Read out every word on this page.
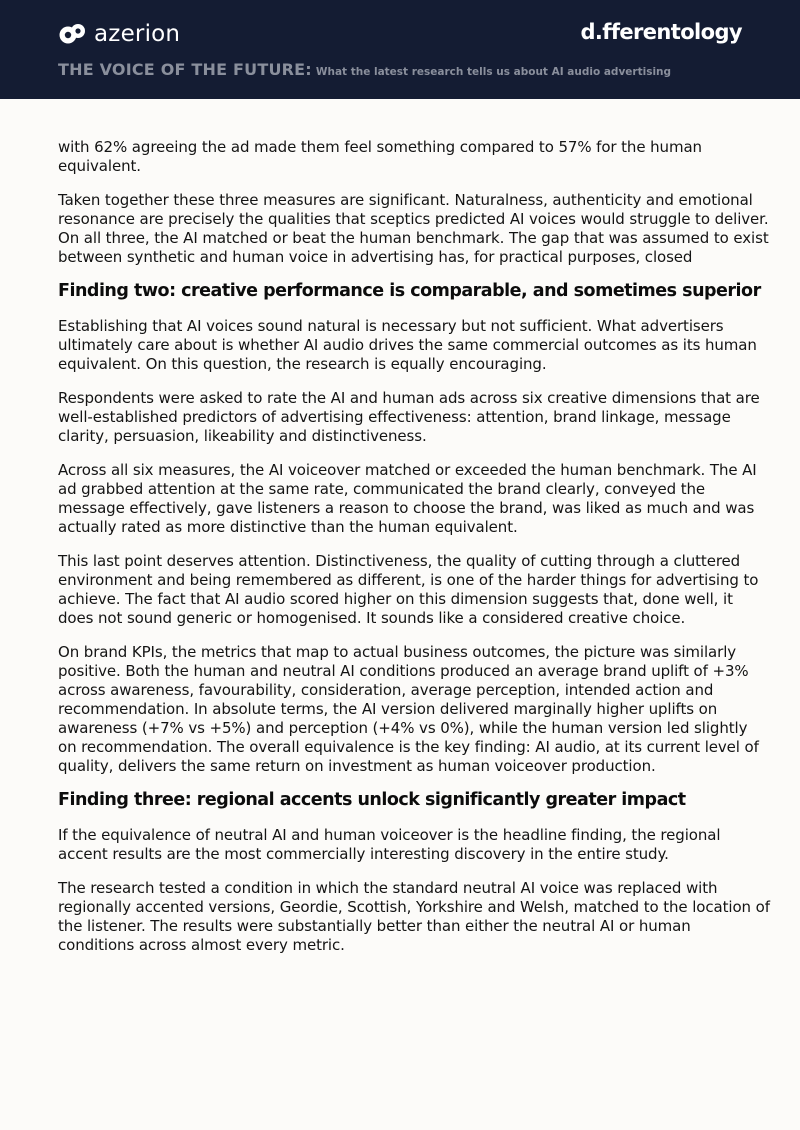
azerion	d.fferentology
THE VOICE OF THE FUTURE: What the latest research tells us about AI audio advertising

with 62% agreeing the ad made them feel something compared to 57% for the human equivalent.

Taken together these three measures are significant. Naturalness, authenticity and emotional resonance are precisely the qualities that sceptics predicted AI voices would struggle to deliver. On all three, the AI matched or beat the human benchmark. The gap that was assumed to exist between synthetic and human voice in advertising has, for practical purposes, closed

Finding two: creative performance is comparable, and sometimes superior

Establishing that AI voices sound natural is necessary but not sufficient. What advertisers ultimately care about is whether AI audio drives the same commercial outcomes as its human equivalent. On this question, the research is equally encouraging.

Respondents were asked to rate the AI and human ads across six creative dimensions that are well-established predictors of advertising effectiveness: attention, brand linkage, message clarity, persuasion, likeability and distinctiveness.

Across all six measures, the AI voiceover matched or exceeded the human benchmark. The AI ad grabbed attention at the same rate, communicated the brand clearly, conveyed the message effectively, gave listeners a reason to choose the brand, was liked as much and was actually rated as more distinctive than the human equivalent.

This last point deserves attention. Distinctiveness, the quality of cutting through a cluttered environment and being remembered as different, is one of the harder things for advertising to achieve. The fact that AI audio scored higher on this dimension suggests that, done well, it does not sound generic or homogenised. It sounds like a considered creative choice.

On brand KPIs, the metrics that map to actual business outcomes, the picture was similarly positive. Both the human and neutral AI conditions produced an average brand uplift of +3% across awareness, favourability, consideration, average perception, intended action and recommendation. In absolute terms, the AI version delivered marginally higher uplifts on awareness (+7% vs +5%) and perception (+4% vs 0%), while the human version led slightly on recommendation. The overall equivalence is the key finding: AI audio, at its current level of quality, delivers the same return on investment as human voiceover production.

Finding three: regional accents unlock significantly greater impact

If the equivalence of neutral AI and human voiceover is the headline finding, the regional accent results are the most commercially interesting discovery in the entire study.

The research tested a condition in which the standard neutral AI voice was replaced with regionally accented versions, Geordie, Scottish, Yorkshire and Welsh, matched to the location of the listener. The results were substantially better than either the neutral AI or human conditions across almost every metric.
